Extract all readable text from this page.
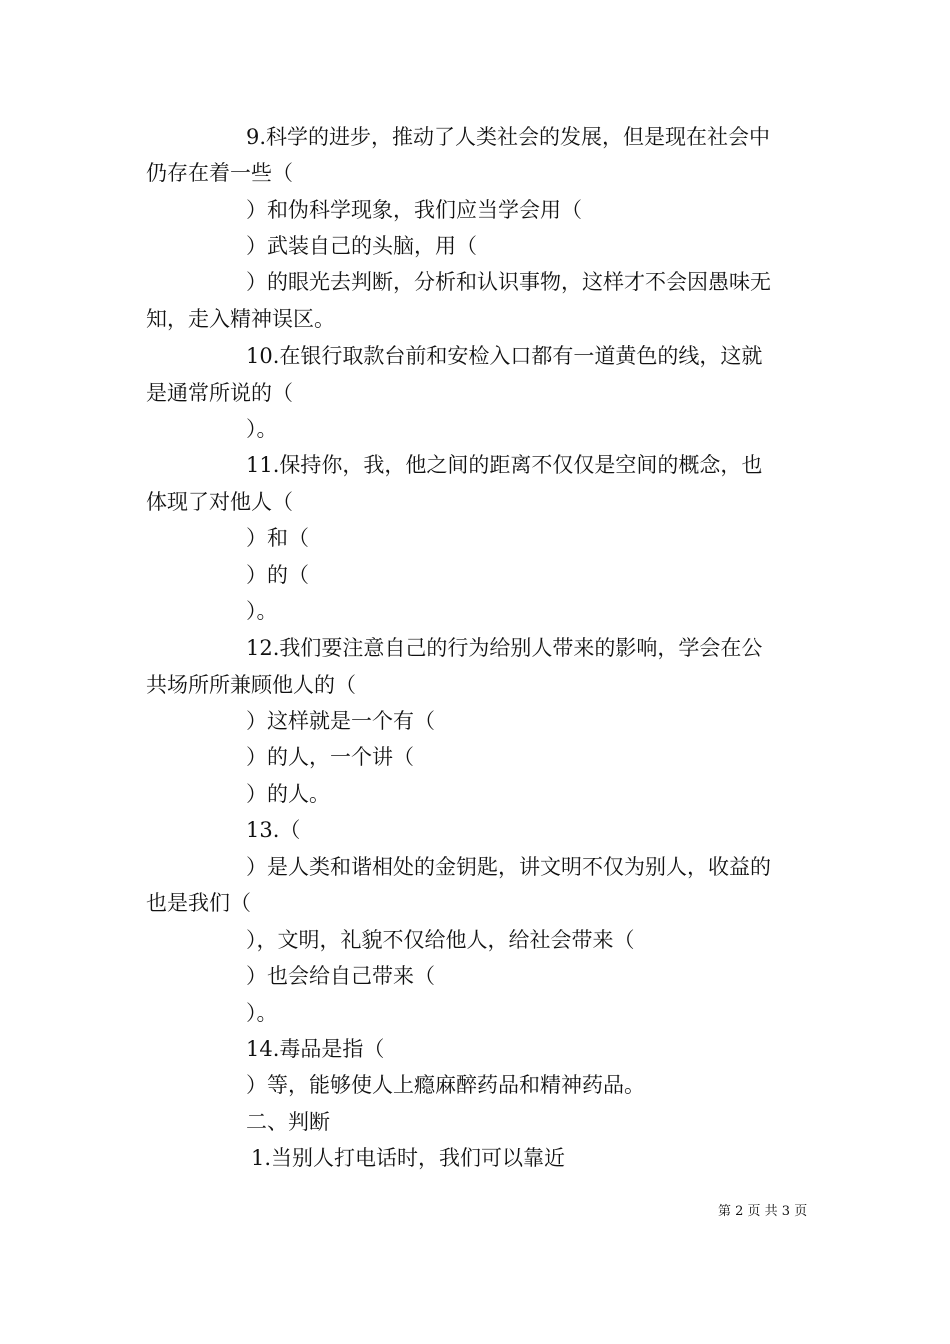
9.科学的进步，推动了人类社会的发展，但是现在社会中
仍存在着一些（
）和伪科学现象，我们应当学会用（
）武装自己的头脑，用（
）的眼光去判断，分析和认识事物，这样才不会因愚味无
知，走入精神误区。
10.在银行取款台前和安检入口都有一道黄色的线，这就
是通常所说的（
）。
11.保持你，我，他之间的距离不仅仅是空间的概念，也
体现了对他人（
）和（
）的（
）。
12.我们要注意自己的行为给别人带来的影响，学会在公
共场所所兼顾他人的（
）这样就是一个有（
）的人，一个讲（
）的人。
13.（
）是人类和谐相处的金钥匙，讲文明不仅为别人，收益的
也是我们（
），文明，礼貌不仅给他人，给社会带来（
）也会给自己带来（
）。
14.毒品是指（
）等，能够使人上瘾麻醉药品和精神药品。
二、判断
1.当别人打电话时，我们可以靠近
第 2 页 共 3 页
